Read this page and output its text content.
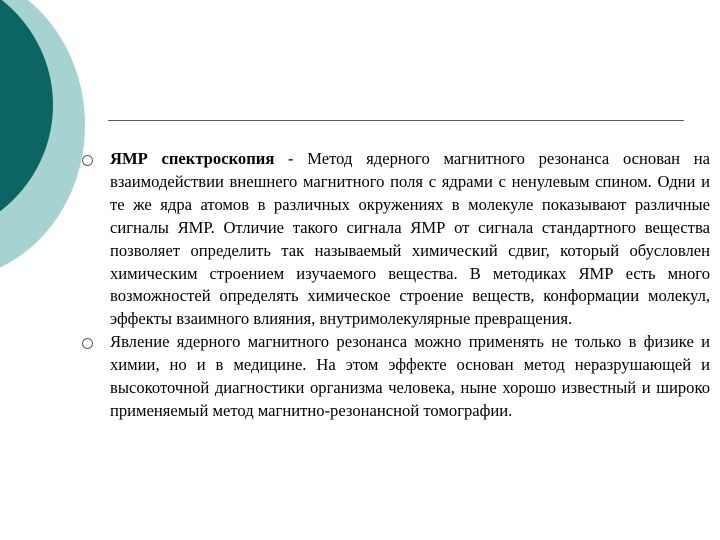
ЯМР спектроскопия - Метод ядерного магнитного резонанса основан на взаимодействии внешнего магнитного поля с ядрами с ненулевым спином. Одни и те же ядра атомов в различных окружениях в молекуле показывают различные сигналы ЯМР. Отличие такого сигнала ЯМР от сигнала стандартного вещества позволяет определить так называемый химический сдвиг, который обусловлен химическим строением изучаемого вещества. В методиках ЯМР есть много возможностей определять химическое строение веществ, конформации молекул, эффекты взаимного влияния, внутримолекулярные превращения.
Явление ядерного магнитного резонанса можно применять не только в физике и химии, но и в медицине. На этом эффекте основан метод неразрушающей и высокоточной диагностики организма человека, ныне хорошо известный и широко применяемый метод магнитно-резонансной томографии.
